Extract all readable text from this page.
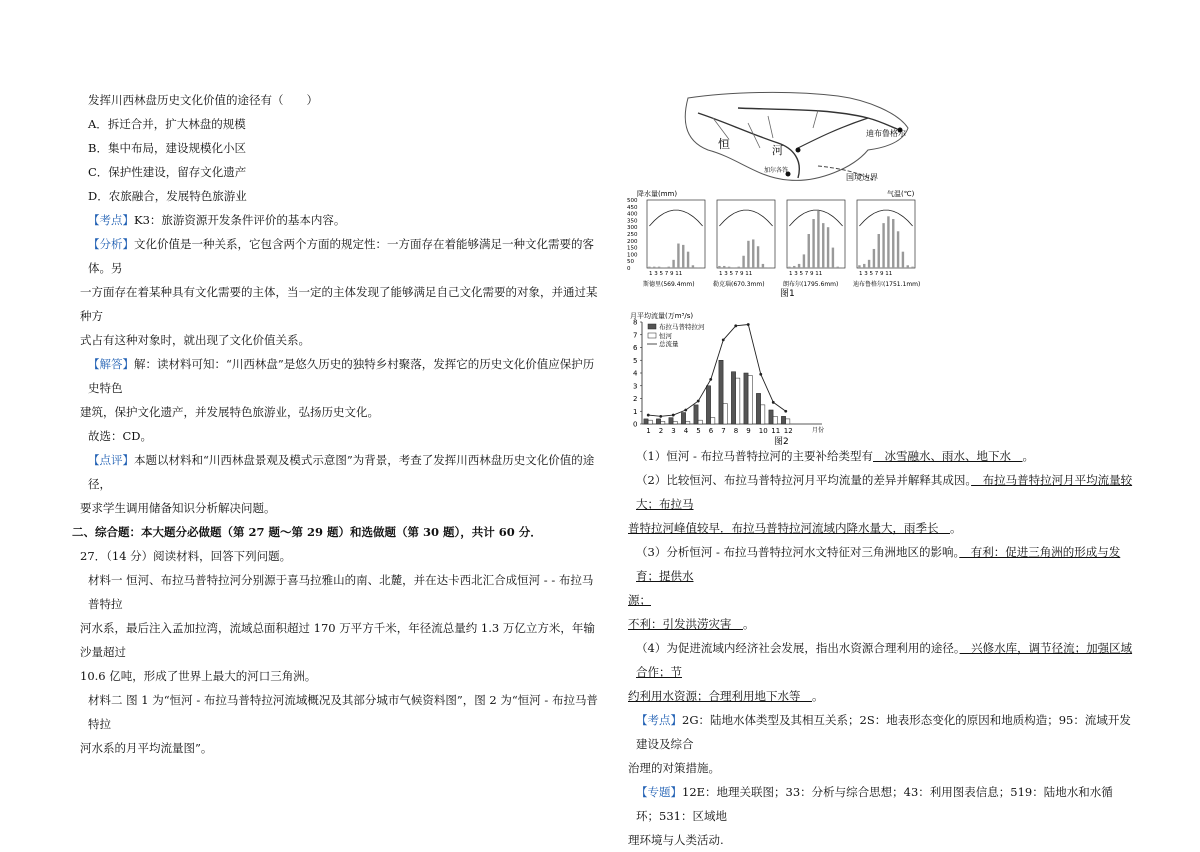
发挥川西林盘历史文化价值的途径有（　　）

A．拆迁合并，扩大林盘的规模

B．集中布局，建设规模化小区

C．保护性建设，留存文化遗产

D．农旅融合，发展特色旅游业

【考点】K3：旅游资源开发条件评价的基本内容。

【分析】文化价值是一种关系，它包含两个方面的规定性：一方面存在着能够满足一种文化需要的客体。另

一方面存在着某种具有文化需要的主体，当一定的主体发现了能够满足自己文化需要的对象，并通过某种方

式占有这种对象时，就出现了文化价值关系。

【解答】解：读材料可知：“川西林盘”是悠久历史的独特乡村聚落，发挥它的历史文化价值应保护历史特色

建筑，保护文化遗产，并发展特色旅游业，弘扬历史文化。

故选：CD。

【点评】本题以材料和“川西林盘景观及模式示意图”为背景，考查了发挥川西林盘历史文化价值的途径，

要求学生调用储备知识分析解决问题。

二、综合题：本大题分必做题（第 27 题～第 29 题）和选做题（第 30 题），共计 60 分．

27．（14 分）阅读材料，回答下列问题。

材料一 恒河、布拉马普特拉河分别源于喜马拉雅山的南、北麓，并在达卡西北汇合成恒河 - - 布拉马普特拉

河水系，最后注入孟加拉湾，流域总面积超过 170 万平方千米，年径流总量约 1.3 万亿立方米，年输沙量超过

10.6 亿吨，形成了世界上最大的河口三角洲。

材料二 图 1 为“恒河 - 布拉马普特拉河流域概况及其部分城市气候资料图”，图 2 为“恒河 - 布拉马普特拉

河水系的月平均流量图”。

恒	河
迪布鲁格尔
国境边界
加尔各答
降水量(mm)	气温(℃)
500
450
400
350
300
250
200
150
100
50
0
1 3 5 7 9 11
斯德里(569.4mm)
1 3 5 7 9 11
勒克瑙(670.3mm)
1 3 5 7 9 11
朗布尔(1795.6mm)
1 3 5 7 9 11
迪布鲁格尔(1751.1mm)
图1
月平均流量(万m³/s)
0
1
2
3
4
5
6
7
8
1 2 3 4 5 6 7 8 9 10 11 12
布拉马普特拉河
恒河
总流量
月份
图2

（1）恒河 - 布拉马普特拉河的主要补给类型有　冰雪融水、雨水、地下水　。

（2）比较恒河、布拉马普特拉河月平均流量的差异并解释其成因。　布拉马普特拉河月平均流量较大；布拉马

普特拉河峰值较早．布拉马普特拉河流域内降水量大，雨季长　。

（3）分析恒河 - 布拉马普特拉河水文特征对三角洲地区的影响。　有利：促进三角洲的形成与发育；提供水

源；

不利：引发洪涝灾害　。

（4）为促进流域内经济社会发展，指出水资源合理利用的途径。　兴修水库，调节径流；加强区域合作；节

约利用水资源；合理利用地下水等　。

【考点】2G：陆地水体类型及其相互关系；2S：地表形态变化的原因和地质构造；95：流域开发建设及综合

治理的对策措施。

【专题】12E：地理关联图；33：分析与综合思想；43：利用图表信息；519：陆地水和水循环；531：区域地

理环境与人类活动.
